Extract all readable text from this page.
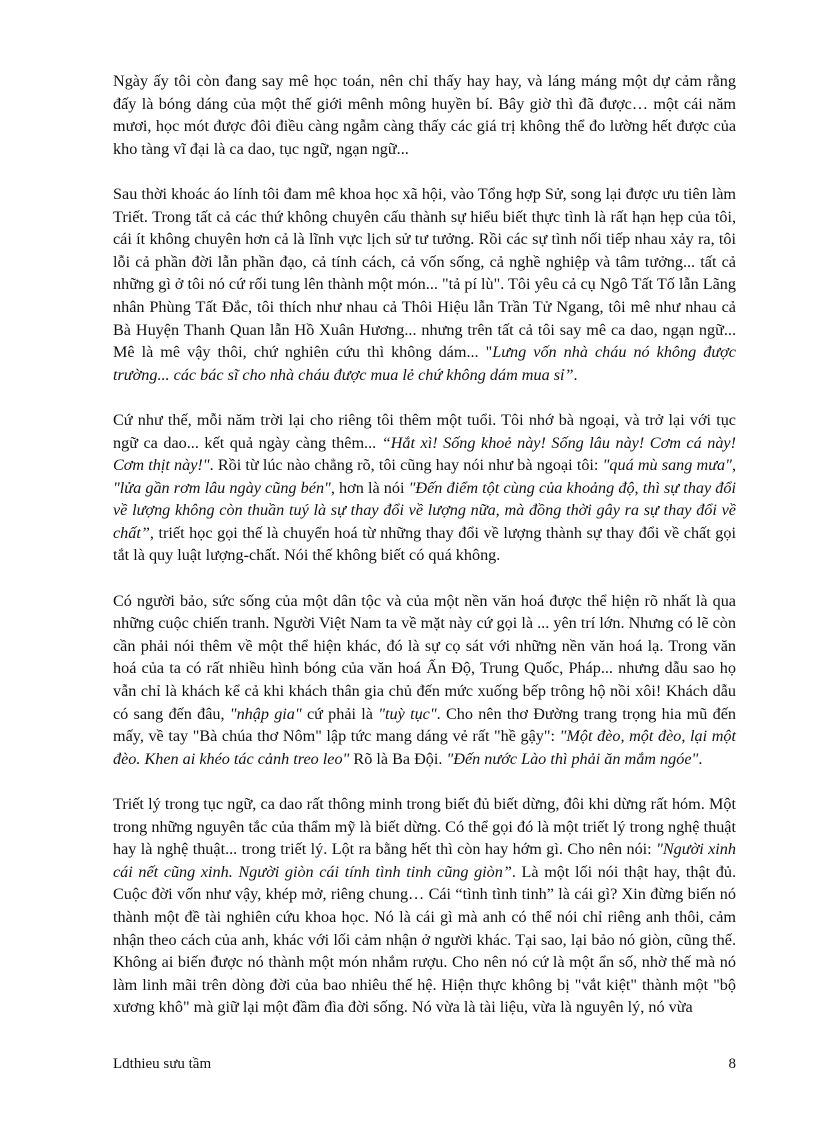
Ngày ấy tôi còn đang say mê học toán, nên chỉ thấy hay hay, và láng máng một dự cảm rằng đấy là bóng dáng của một thế giới mênh mông huyền bí. Bây giờ thì đã được… một cái năm mươi, học mót được đôi điều càng ngẫm càng thấy các giá trị không thể đo lường hết được của kho tàng vĩ đại là ca dao, tục ngữ, ngạn ngữ...

Sau thời khoác áo lính tôi đam mê khoa học xã hội, vào Tổng hợp Sử, song lại được ưu tiên làm Triết. Trong tất cả các thứ không chuyên cấu thành sự hiểu biết thực tình là rất hạn hẹp của tôi, cái ít không chuyên hơn cả là lĩnh vực lịch sử tư tưởng. Rồi các sự tình nối tiếp nhau xảy ra, tôi lỗi cả phần đời lẫn phần đạo, cả tính cách, cả vốn sống, cả nghề nghiệp và tâm tưởng... tất cả những gì ở tôi nó cứ rối tung lên thành một món... "tả pí lù". Tôi yêu cả cụ Ngô Tất Tố lẫn Lãng nhân Phùng Tất Đắc, tôi thích như nhau cả Thôi Hiệu lẫn Trần Tử Ngang, tôi mê như nhau cả Bà Huyện Thanh Quan lẫn Hồ Xuân Hương... nhưng trên tất cả tôi say mê ca dao, ngạn ngữ... Mê là mê vậy thôi, chứ nghiên cứu thì không dám... "Lưng vốn nhà cháu nó không được trường... các bác sĩ cho nhà cháu được mua lẻ chứ không dám mua sỉ”.

Cứ như thế, mỗi năm trời lại cho riêng tôi thêm một tuổi. Tôi nhớ bà ngoại, và trở lại với tục ngữ ca dao... kết quả ngày càng thêm... “Hắt xì! Sống khoẻ này! Sống lâu này! Cơm cá này! Cơm thịt này!". Rồi từ lúc nào chẳng rõ, tôi cũng hay nói như bà ngoại tôi: "quá mù sang mưa", "lửa gần rơm lâu ngày cũng bén", hơn là nói "Đến điểm tột cùng của khoảng độ, thì sự thay đổi về lượng không còn thuần tuý là sự thay đổi về lượng nữa, mà đồng thời gây ra sự thay đổi về chất”, triết học gọi thế là chuyển hoá từ những thay đổi về lượng thành sự thay đổi về chất gọi tắt là quy luật lượng-chất. Nói thế không biết có quá không.

Có người bảo, sức sống của một dân tộc và của một nền văn hoá được thể hiện rõ nhất là qua những cuộc chiến tranh. Người Việt Nam ta về mặt này cứ gọi là ... yên trí lớn. Nhưng có lẽ còn cần phải nói thêm về một thể hiện khác, đó là sự cọ sát với những nền văn hoá lạ. Trong văn hoá của ta có rất nhiều hình bóng của văn hoá Ấn Độ, Trung Quốc, Pháp... nhưng dẫu sao họ vẫn chỉ là khách kể cả khi khách thân gia chủ đến mức xuống bếp trông hộ nồi xôi! Khách dẫu có sang đến đâu, "nhập gia" cứ phải là "tuỳ tục". Cho nên thơ Đường trang trọng hia mũ đến mấy, về tay "Bà chúa thơ Nôm" lập tức mang dáng vẻ rất "hề gậy": "Một đèo, một đèo, lại một đèo. Khen ai khéo tác cảnh treo leo" Rõ là Ba Đội. "Đến nước Lào thì phải ăn mắm ngóe".

Triết lý trong tục ngữ, ca dao rất thông minh trong biết đủ biết dừng, đôi khi dừng rất hóm. Một trong những nguyên tắc của thẩm mỹ là biết dừng. Có thể gọi đó là một triết lý trong nghệ thuật hay là nghệ thuật... trong triết lý. Lột ra bằng hết thì còn hay hớm gì. Cho nên nói: "Người xinh cái nết cũng xinh. Người giòn cái tính tình tinh cũng giòn”. Là một lối nói thật hay, thật đủ. Cuộc đời vốn như vậy, khép mở, riêng chung… Cái “tình tình tinh” là cái gì? Xin đừng biến nó thành một đề tài nghiên cứu khoa học. Nó là cái gì mà anh có thể nói chỉ riêng anh thôi, cảm nhận theo cách của anh, khác với lối cảm nhận ở người khác. Tại sao, lại bảo nó giòn, cũng thế. Không ai biến được nó thành một món nhắm rượu. Cho nên nó cứ là một ẩn số, nhờ thế mà nó làm linh mãi trên dòng đời của bao nhiêu thế hệ. Hiện thực không bị "vắt kiệt" thành một "bộ xương khô" mà giữ lại một đầm đìa đời sống. Nó vừa là tài liệu, vừa là nguyên lý, nó vừa

Ldthieu sưu tầm	8
